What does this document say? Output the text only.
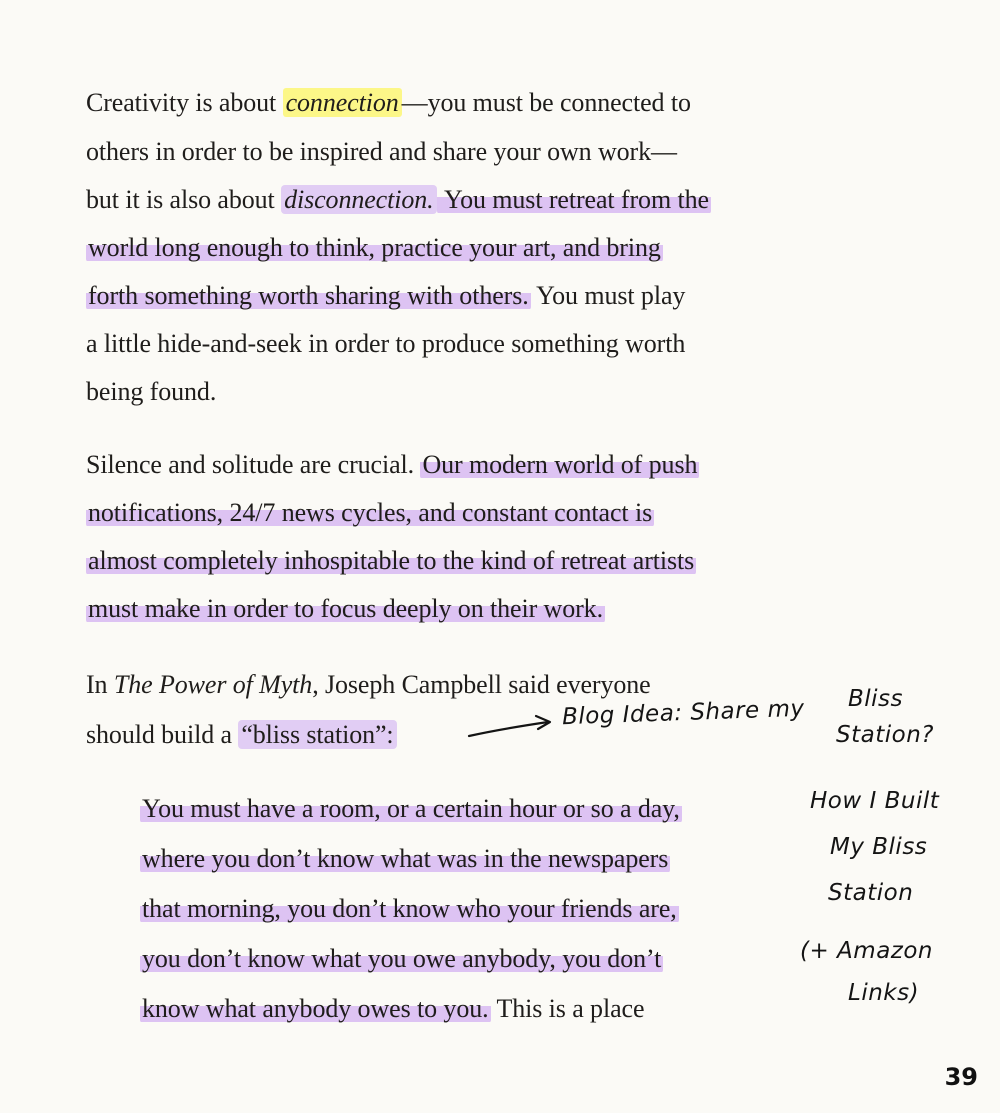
Creativity is about connection —you must be connected to
others in order to be inspired and share your own work—
but it is also about disconnection. You must retreat from the
world long enough to think, practice your art, and bring
forth something worth sharing with others. You must play
a little hide-and-seek in order to produce something worth
being found.
Silence and solitude are crucial. Our modern world of push
notifications, 24/7 news cycles, and constant contact is
almost completely inhospitable to the kind of retreat artists
must make in order to focus deeply on their work.
In The Power of Myth, Joseph Campbell said everyone
should build a “bliss station”:
You must have a room, or a certain hour or so a day,
where you don’t know what was in the newspapers
that morning, you don’t know who your friends are,
you don’t know what you owe anybody, you don’t
know what anybody owes to you. This is a place
Blog Idea: Share my Bliss
Station?
How I Built
My Bliss
Station
(+ Amazon
Links)
39
